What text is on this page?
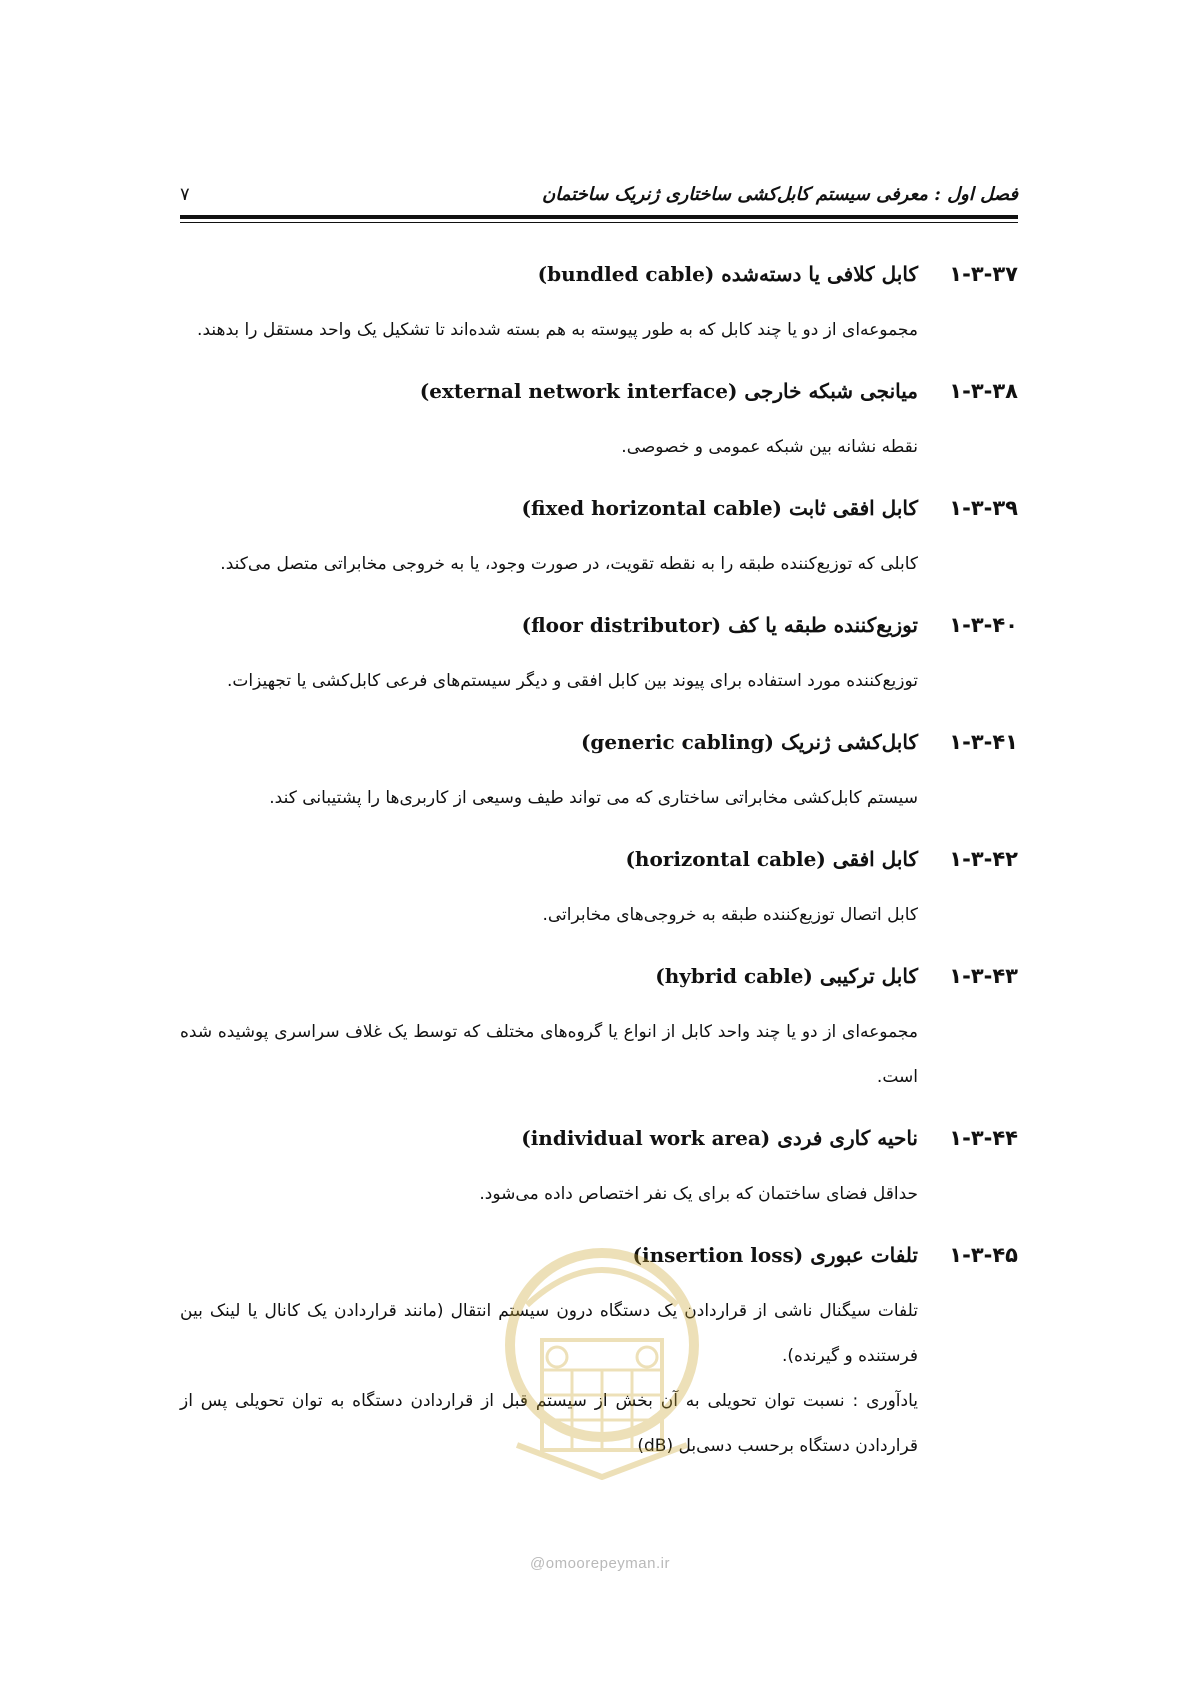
فصل اول : معرفی سیستم کابل‌کشی ساختاری ژنریک ساختمان
۷
۱-۳-۳۷
کابل کلافی یا دسته‌شده (bundled cable)
مجموعه‌ای از دو یا چند کابل که به طور پیوسته به هم بسته شده‌اند تا تشکیل یک واحد مستقل را بدهند.
۱-۳-۳۸
میانجی شبکه خارجی (external network interface)
نقطه نشانه بین شبکه عمومی و خصوصی.
۱-۳-۳۹
کابل افقی ثابت (fixed horizontal cable)
کابلی که توزیع‌کننده طبقه را به نقطه تقویت، در صورت وجود، یا به خروجی مخابراتی متصل می‌کند.
۱-۳-۴۰
توزیع‌کننده طبقه یا کف (floor distributor)
توزیع‌کننده مورد استفاده برای پیوند بین کابل افقی و دیگر سیستم‌های فرعی کابل‌کشی یا تجهیزات.
۱-۳-۴۱
کابل‌کشی ژنریک (generic cabling)
سیستم کابل‌کشی مخابراتی ساختاری که می تواند طیف وسیعی از کاربری‌ها را پشتیبانی کند.
۱-۳-۴۲
کابل افقی (horizontal cable)
کابل اتصال توزیع‌کننده طبقه به خروجی‌های مخابراتی.
۱-۳-۴۳
کابل ترکیبی (hybrid cable)
مجموعه‌ای از دو یا چند واحد کابل از انواع یا گروه‌های مختلف که توسط یک غلاف سراسری پوشیده شده است.
۱-۳-۴۴
ناحیه کاری فردی (individual work area)
حداقل فضای ساختمان که برای یک نفر اختصاص داده می‌شود.
۱-۳-۴۵
تلفات عبوری (insertion loss)
تلفات سیگنال ناشی از قراردادن یک دستگاه درون سیستم انتقال (مانند قراردادن یک کانال یا لینک بین فرستنده و گیرنده).
یادآوری : نسبت توان تحویلی به آن بخش از سیستم قبل از قراردادن دستگاه به توان تحویلی پس از قراردادن دستگاه برحسب دسی‌بل (dB)
@omoorepeyman.ir
